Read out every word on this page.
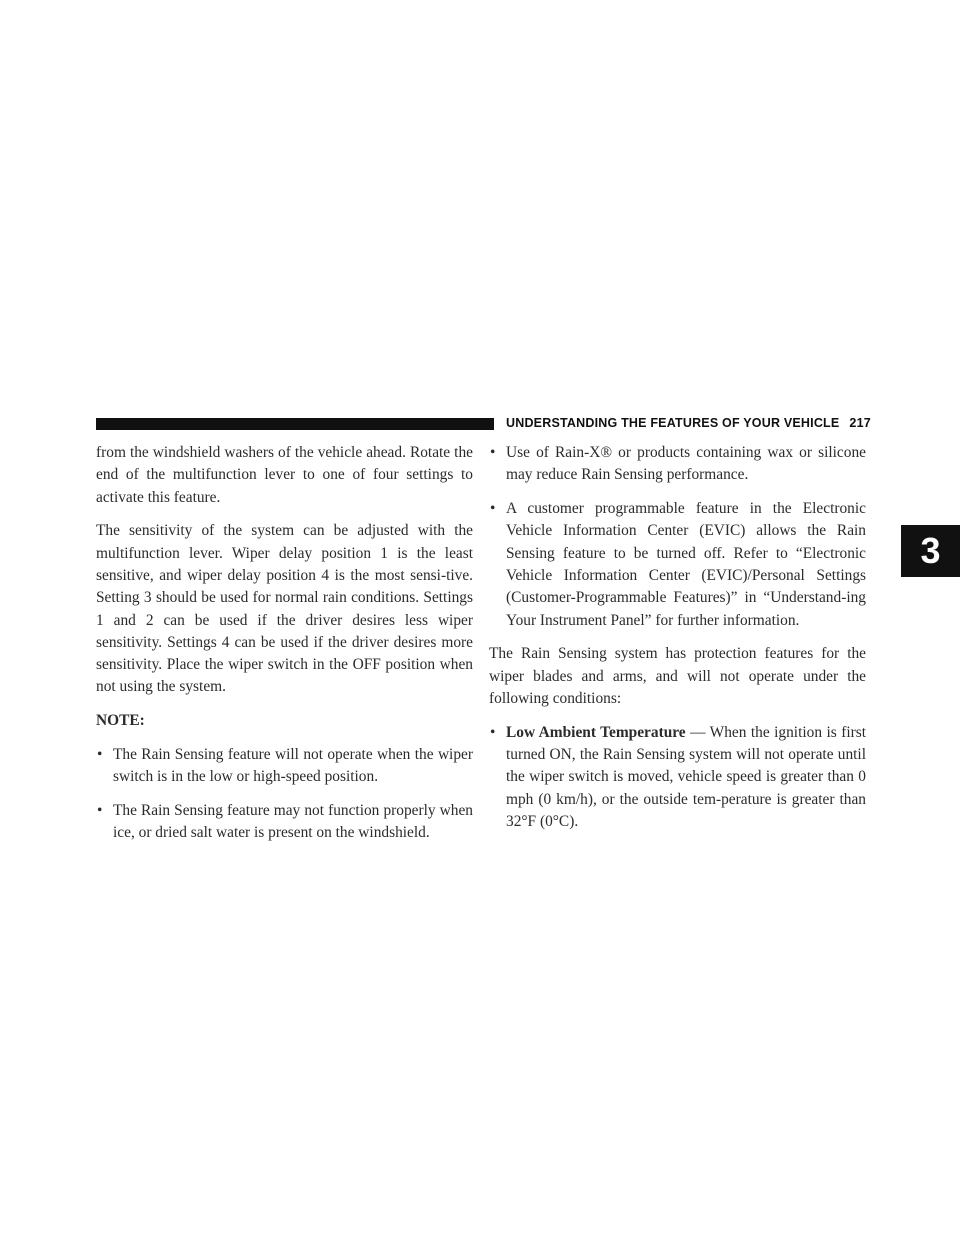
UNDERSTANDING THE FEATURES OF YOUR VEHICLE 217
3

from the windshield washers of the vehicle ahead. Rotate the end of the multifunction lever to one of four settings to activate this feature.

The sensitivity of the system can be adjusted with the multifunction lever. Wiper delay position 1 is the least sensitive, and wiper delay position 4 is the most sensi-tive. Setting 3 should be used for normal rain conditions. Settings 1 and 2 can be used if the driver desires less wiper sensitivity. Settings 4 can be used if the driver desires more sensitivity. Place the wiper switch in the OFF position when not using the system.

NOTE:

• The Rain Sensing feature will not operate when the wiper switch is in the low or high-speed position.
• The Rain Sensing feature may not function properly when ice, or dried salt water is present on the windshield.
• Use of Rain-X® or products containing wax or silicone may reduce Rain Sensing performance.
• A customer programmable feature in the Electronic Vehicle Information Center (EVIC) allows the Rain Sensing feature to be turned off. Refer to “Electronic Vehicle Information Center (EVIC)/Personal Settings (Customer-Programmable Features)” in “Understand-ing Your Instrument Panel” for further information.

The Rain Sensing system has protection features for the wiper blades and arms, and will not operate under the following conditions:

• Low Ambient Temperature — When the ignition is first turned ON, the Rain Sensing system will not operate until the wiper switch is moved, vehicle speed is greater than 0 mph (0 km/h), or the outside tem-perature is greater than 32°F (0°C).
